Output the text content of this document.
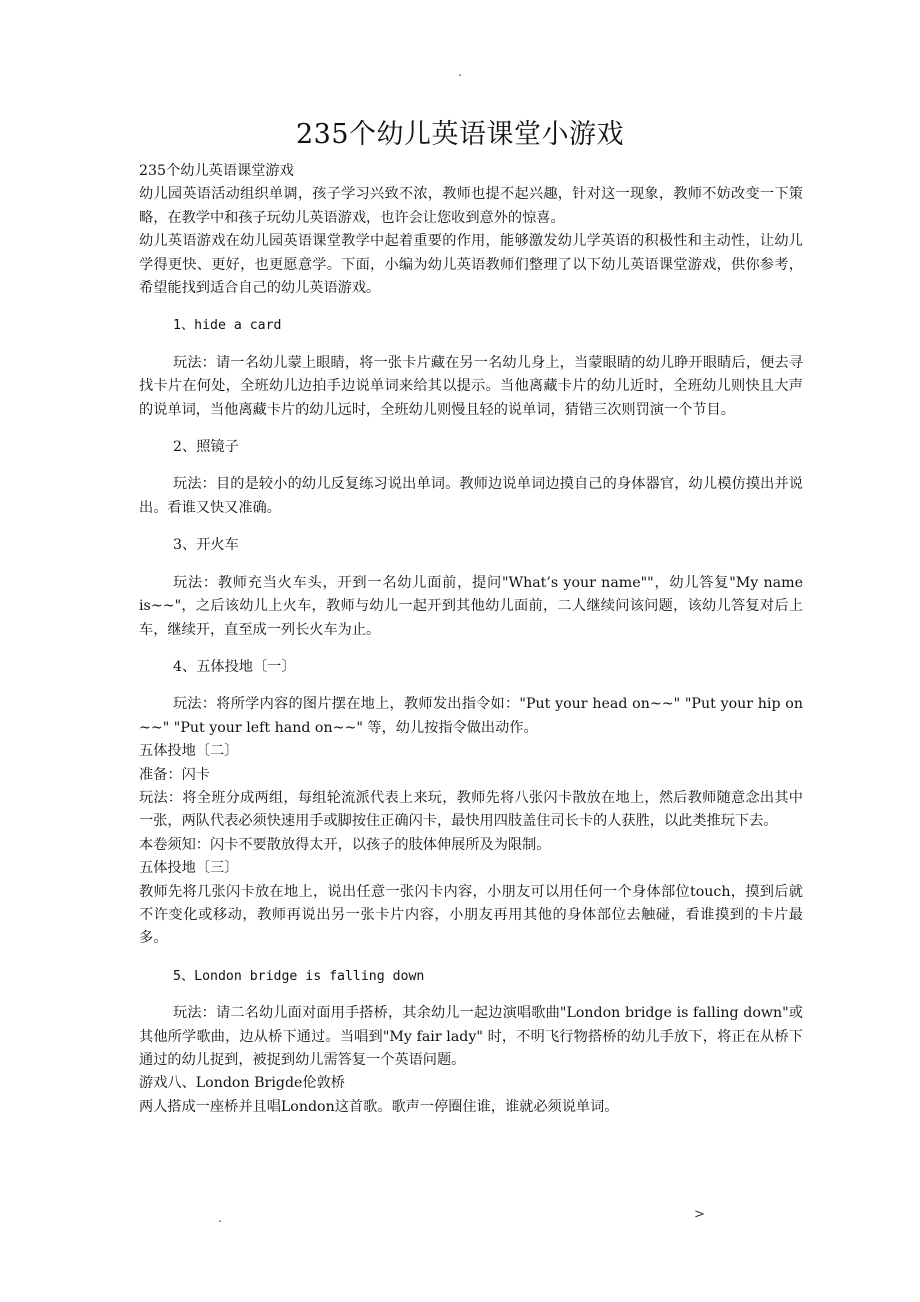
.
235个幼儿英语课堂小游戏

235个幼儿英语课堂游戏

幼儿园英语活动组织单调，孩子学习兴致不浓，教师也提不起兴趣，针对这一现象，教师不妨改变一下策略，在教学中和孩子玩幼儿英语游戏，也许会让您收到意外的惊喜。

幼儿英语游戏在幼儿园英语课堂教学中起着重要的作用，能够激发幼儿学英语的积极性和主动性，让幼儿学得更快、更好，也更愿意学。下面，小编为幼儿英语教师们整理了以下幼儿英语课堂游戏，供你参考，希望能找到适合自己的幼儿英语游戏。

1、hide a card

玩法：请一名幼儿蒙上眼睛，将一张卡片藏在另一名幼儿身上，当蒙眼睛的幼儿睁开眼睛后，便去寻找卡片在何处，全班幼儿边拍手边说单词来给其以提示。当他离藏卡片的幼儿近时，全班幼儿则快且大声的说单词，当他离藏卡片的幼儿远时，全班幼儿则慢且轻的说单词，猜错三次则罚演一个节目。

2、照镜子

玩法：目的是较小的幼儿反复练习说出单词。教师边说单词边摸自己的身体器官，幼儿模仿摸出并说出。看谁又快又准确。

3、开火车

玩法：教师充当火车头，开到一名幼儿面前，提问"What’s your name""，幼儿答复"My name is~~"，之后该幼儿上火车，教师与幼儿一起开到其他幼儿面前，二人继续问该问题，该幼儿答复对后上车，继续开，直至成一列长火车为止。

4、五体投地〔一〕

玩法：将所学内容的图片摆在地上，教师发出指令如："Put your head on~~" "Put your hip on ~~" "Put your left hand on~~" 等，幼儿按指令做出动作。

五体投地〔二〕

准备：闪卡

玩法：将全班分成两组，每组轮流派代表上来玩，教师先将八张闪卡散放在地上，然后教师随意念出其中一张，两队代表必须快速用手或脚按住正确闪卡，最快用四肢盖住司长卡的人获胜，以此类推玩下去。

本卷须知：闪卡不要散放得太开，以孩子的肢体伸展所及为限制。

五体投地〔三〕

教师先将几张闪卡放在地上，说出任意一张闪卡内容，小朋友可以用任何一个身体部位touch，摸到后就不许变化或移动，教师再说出另一张卡片内容，小朋友再用其他的身体部位去触碰，看谁摸到的卡片最多。

5、London bridge is falling down

玩法：请二名幼儿面对面用手搭桥，其余幼儿一起边演唱歌曲"London bridge is falling down"或其他所学歌曲，边从桥下通过。当唱到"My fair lady" 时，不明飞行物搭桥的幼儿手放下，将正在从桥下通过的幼儿捉到，被捉到幼儿需答复一个英语问题。

游戏八、London Brigde伦敦桥

两人搭成一座桥并且唱London这首歌。歌声一停圈住谁，谁就必须说单词。

.	>
